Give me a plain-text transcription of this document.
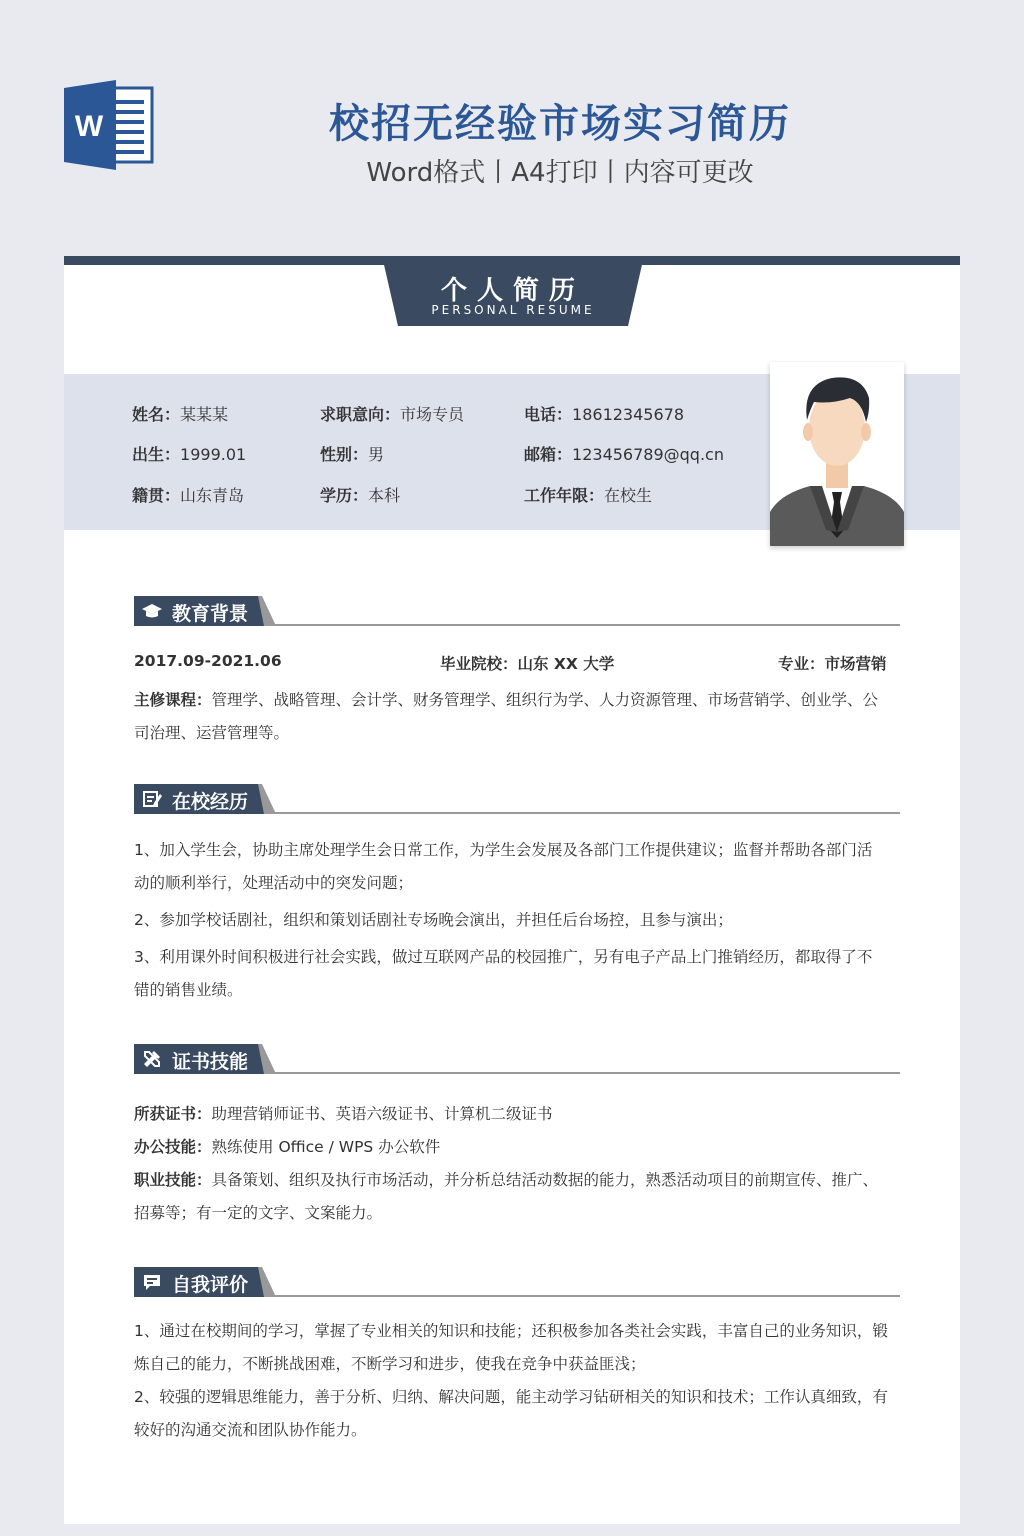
W	校招无经验市场实习简历
Word格式丨A4打印丨内容可更改
个人简历
PERSONAL RESUME
姓名：某某某	求职意向：市场专员	电话：18612345678
出生：1999.01	性别：男	邮箱：123456789@qq.cn
籍贯：山东青岛	学历：本科	工作年限：在校生
教育背景
2017.09-2021.06	毕业院校：山东 XX 大学	专业：市场营销
主修课程：管理学、战略管理、会计学、财务管理学、组织行为学、人力资源管理、市场营销学、创业学、公
司治理、运营管理等。
在校经历
1、加入学生会，协助主席处理学生会日常工作，为学生会发展及各部门工作提供建议；监督并帮助各部门活
动的顺利举行，处理活动中的突发问题；
2、参加学校话剧社，组织和策划话剧社专场晚会演出，并担任后台场控，且参与演出；
3、利用课外时间积极进行社会实践，做过互联网产品的校园推广，另有电子产品上门推销经历，都取得了不
错的销售业绩。
证书技能
所获证书：助理营销师证书、英语六级证书、计算机二级证书
办公技能：熟练使用 Office / WPS 办公软件
职业技能：具备策划、组织及执行市场活动，并分析总结活动数据的能力，熟悉活动项目的前期宣传、推广、
招募等；有一定的文字、文案能力。
自我评价
1、通过在校期间的学习，掌握了专业相关的知识和技能；还积极参加各类社会实践，丰富自己的业务知识，锻
炼自己的能力，不断挑战困难，不断学习和进步，使我在竞争中获益匪浅；
2、较强的逻辑思维能力，善于分析、归纳、解决问题，能主动学习钻研相关的知识和技术；工作认真细致，有
较好的沟通交流和团队协作能力。
